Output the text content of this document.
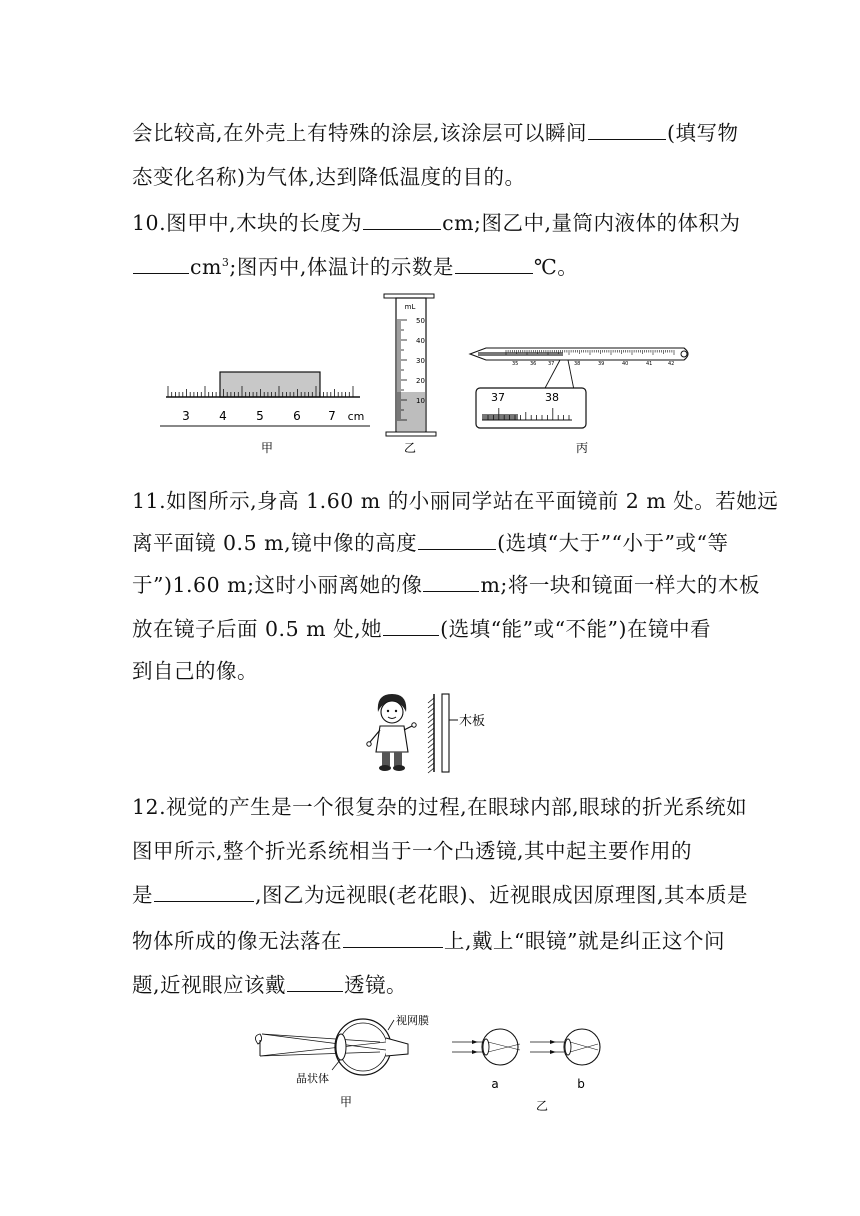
会比较高,在外壳上有特殊的涂层,该涂层可以瞬间	(填写物
态变化名称)为气体,达到降低温度的目的。
10.图甲中,木块的长度为	cm;图乙中,量筒内液体的体积为
$cm^3$;图丙中,体温计的示数是	℃。
3 4 5 6 7 cm
甲
mL
50
40
30
20
10
乙
35 36 37	38	39	40	41	42
37	38
丙
11.如图所示,身高 1.60 m 的小丽同学站在平面镜前 2 m 处。若她远
离平面镜 0.5 m,镜中像的高度	(选填“大于”“小于”或“等
于”)1.60 m;这时小丽离她的像	m;将一块和镜面一样大的木板
放在镜子后面 0.5 m 处,她	(选填“能”或“不能”)在镜中看
到自己的像。
木板
12.视觉的产生是一个很复杂的过程,在眼球内部,眼球的折光系统如
图甲所示,整个折光系统相当于一个凸透镜,其中起主要作用的
是	,图乙为远视眼(老花眼)、近视眼成因原理图,其本质是
物体所成的像无法落在	上,戴上“眼镜”就是纠正这个问
题,近视眼应该戴	透镜。
视网膜
晶状体
甲
a	b
乙
